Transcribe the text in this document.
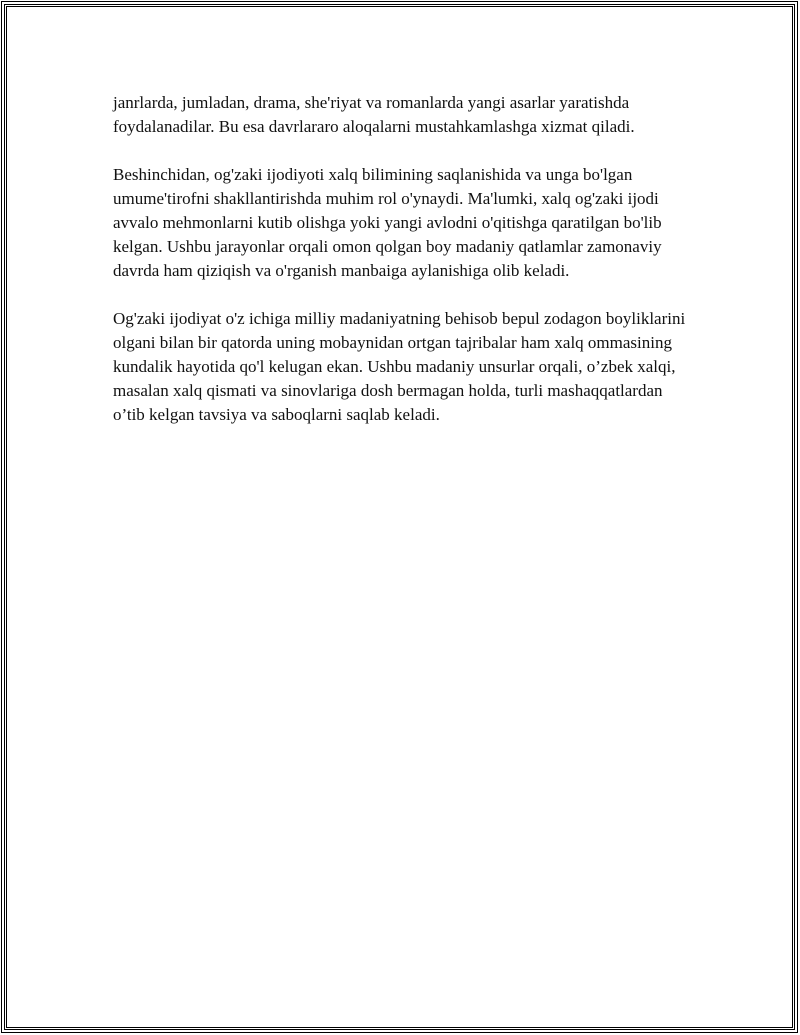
janrlarda, jumladan, drama, she'riyat va romanlarda yangi asarlar yaratishda foydalanadilar. Bu esa davrlararo aloqalarni mustahkamlashga xizmat qiladi.

Beshinchidan, og'zaki ijodiyoti xalq bilimining saqlanishida va unga bo'lgan umume'tirofni shakllantirishda muhim rol o'ynaydi. Ma'lumki, xalq og'zaki ijodi avvalo mehmonlarni kutib olishga yoki yangi avlodni o'qitishga qaratilgan bo'lib kelgan. Ushbu jarayonlar orqali omon qolgan boy madaniy qatlamlar zamonaviy davrda ham qiziqish va o'rganish manbaiga aylanishiga olib keladi.

Og'zaki ijodiyat o'z ichiga milliy madaniyatning behisob bepul zodagon boyliklarini olgani bilan bir qatorda uning mobaynidan ortgan tajribalar ham xalq ommasining kundalik hayotida qo'l kelugan ekan. Ushbu madaniy unsurlar orqali, o’zbek xalqi, masalan xalq qismati va sinovlariga dosh bermagan holda, turli mashaqqatlardan o’tib kelgan tavsiya va saboqlarni saqlab keladi.
